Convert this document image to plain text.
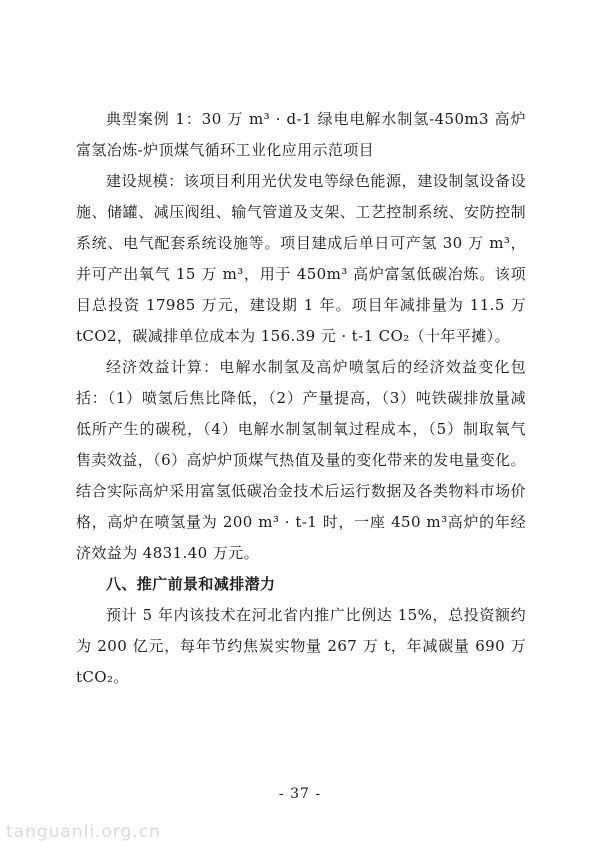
典型案例 1：30 万 m³ · d-1 绿电电解水制氢-450m3 高炉富氢冶炼-炉顶煤气循环工业化应用示范项目

建设规模：该项目利用光伏发电等绿色能源，建设制氢设备设施、储罐、减压阀组、输气管道及支架、工艺控制系统、安防控制系统、电气配套系统设施等。项目建成后单日可产氢 30 万 m³，并可产出氧气 15 万 m³，用于 450m³ 高炉富氢低碳冶炼。该项目总投资 17985 万元，建设期 1 年。项目年减排量为 11.5 万 tCO2，碳减排单位成本为 156.39 元 · t-1 CO₂（十年平摊）。

经济效益计算：电解水制氢及高炉喷氢后的经济效益变化包括：（1）喷氢后焦比降低，（2）产量提高，（3）吨铁碳排放量减低所产生的碳税，（4）电解水制氢制氧过程成本，（5）制取氧气售卖效益，（6）高炉炉顶煤气热值及量的变化带来的发电量变化。结合实际高炉采用富氢低碳冶金技术后运行数据及各类物料市场价格，高炉在喷氢量为 200 m³ · t-1 时，一座 450 m³高炉的年经济效益为 4831.40 万元。

八、推广前景和减排潜力

预计 5 年内该技术在河北省内推广比例达 15%，总投资额约为 200 亿元，每年节约焦炭实物量 267 万 t，年减碳量 690 万 tCO₂。

- 37 -
tanguanli.org.cn
